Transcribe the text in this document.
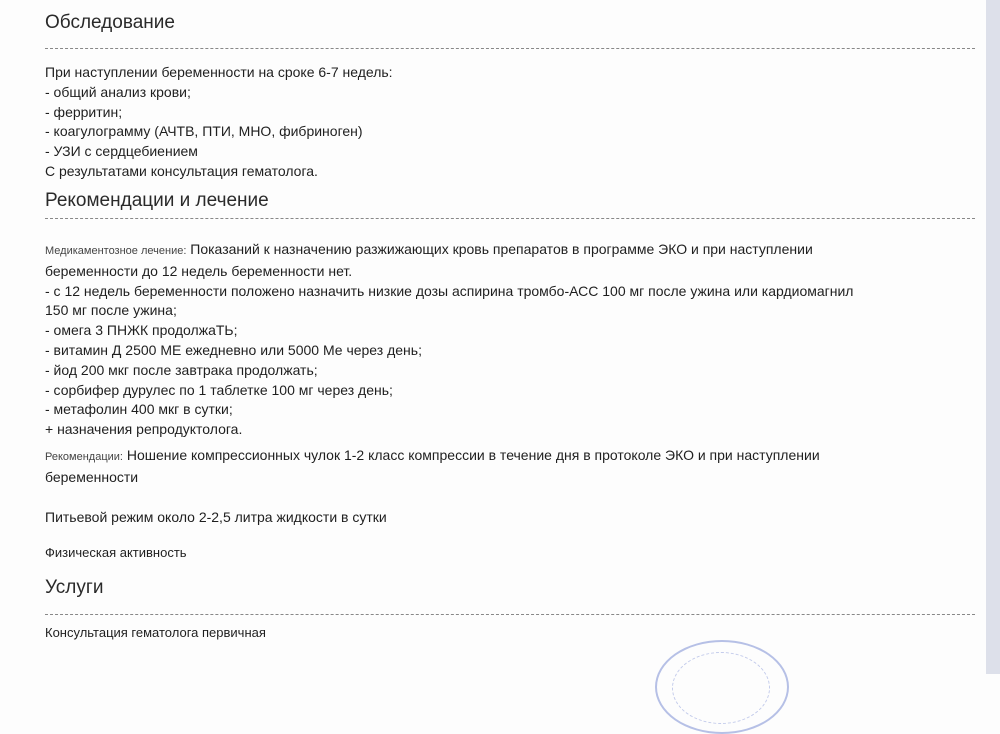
Обследование
При наступлении беременности на сроке 6-7 недель:
- общий анализ крови;
- ферритин;
- коагулограмму (АЧТВ, ПТИ, МНО, фибриноген)
- УЗИ с сердцебиением
С результатами консультация гематолога.
Рекомендации и лечение
Медикаментозное лечение: Показаний к назначению разжижающих кровь препаратов в программе ЭКО и при наступлении
беременности до 12 недель беременности нет.
- с 12 недель беременности положено назначить низкие дозы аспирина тромбо-АСС 100 мг после ужина или кардиомагнил
150 мг после ужина;
- омега 3 ПНЖК продолжаТЬ;
- витамин Д 2500 МЕ ежедневно или 5000 Ме через день;
- йод 200 мкг после завтрака продолжать;
- сорбифер дурулес по 1 таблетке 100 мг через день;
- метафолин 400 мкг в сутки;
+ назначения репродуктолога.
Рекомендации: Ношение компрессионных чулок 1-2 класс компрессии в течение дня в протоколе ЭКО и при наступлении
беременности
Питьевой режим около 2-2,5 литра жидкости в сутки
Физическая активность
Услуги
Консультация гематолога первичная
